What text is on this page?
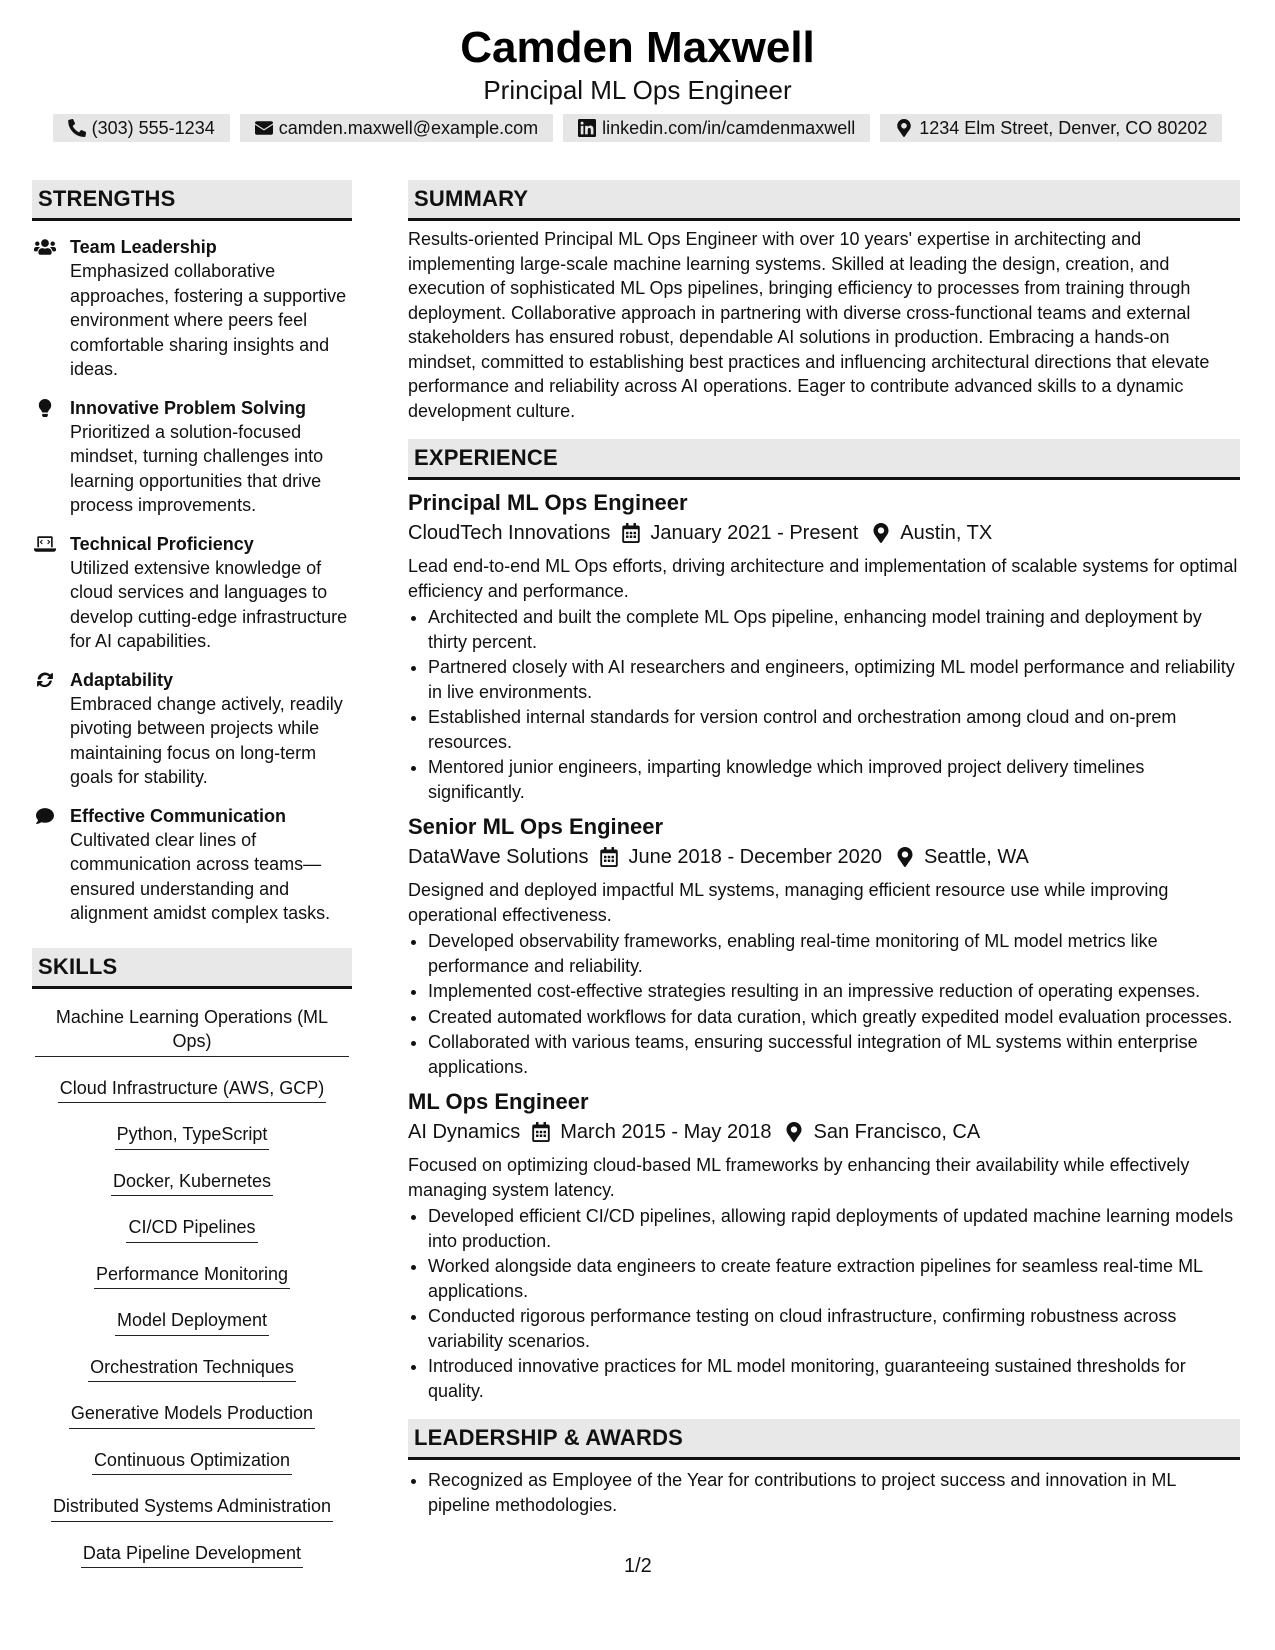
Camden Maxwell
Principal ML Ops Engineer
(303) 555-1234	camden.maxwell@example.com	linkedin.com/in/camdenmaxwell	1234 Elm Street, Denver, CO 80202
STRENGTHS
Team Leadership
Emphasized collaborative approaches, fostering a supportive environment where peers feel comfortable sharing insights and ideas.
Innovative Problem Solving
Prioritized a solution-focused mindset, turning challenges into learning opportunities that drive process improvements.
Technical Proficiency
Utilized extensive knowledge of cloud services and languages to develop cutting-edge infrastructure for AI capabilities.
Adaptability
Embraced change actively, readily pivoting between projects while maintaining focus on long-term goals for stability.
Effective Communication
Cultivated clear lines of communication across teams—ensured understanding and alignment amidst complex tasks.
SKILLS
Machine Learning Operations (ML Ops)
Cloud Infrastructure (AWS, GCP)
Python, TypeScript
Docker, Kubernetes
CI/CD Pipelines
Performance Monitoring
Model Deployment
Orchestration Techniques
Generative Models Production
Continuous Optimization
Distributed Systems Administration
Data Pipeline Development
SUMMARY
Results-oriented Principal ML Ops Engineer with over 10 years' expertise in architecting and implementing large-scale machine learning systems. Skilled at leading the design, creation, and execution of sophisticated ML Ops pipelines, bringing efficiency to processes from training through deployment. Collaborative approach in partnering with diverse cross-functional teams and external stakeholders has ensured robust, dependable AI solutions in production. Embracing a hands-on mindset, committed to establishing best practices and influencing architectural directions that elevate performance and reliability across AI operations. Eager to contribute advanced skills to a dynamic development culture.
EXPERIENCE
Principal ML Ops Engineer
CloudTech Innovations January 2021 - Present Austin, TX
Lead end-to-end ML Ops efforts, driving architecture and implementation of scalable systems for optimal efficiency and performance.
• Architected and built the complete ML Ops pipeline, enhancing model training and deployment by thirty percent.
• Partnered closely with AI researchers and engineers, optimizing ML model performance and reliability in live environments.
• Established internal standards for version control and orchestration among cloud and on-prem resources.
• Mentored junior engineers, imparting knowledge which improved project delivery timelines significantly.
Senior ML Ops Engineer
DataWave Solutions June 2018 - December 2020 Seattle, WA
Designed and deployed impactful ML systems, managing efficient resource use while improving operational effectiveness.
• Developed observability frameworks, enabling real-time monitoring of ML model metrics like performance and reliability.
• Implemented cost-effective strategies resulting in an impressive reduction of operating expenses.
• Created automated workflows for data curation, which greatly expedited model evaluation processes.
• Collaborated with various teams, ensuring successful integration of ML systems within enterprise applications.
ML Ops Engineer
AI Dynamics March 2015 - May 2018 San Francisco, CA
Focused on optimizing cloud-based ML frameworks by enhancing their availability while effectively managing system latency.
• Developed efficient CI/CD pipelines, allowing rapid deployments of updated machine learning models into production.
• Worked alongside data engineers to create feature extraction pipelines for seamless real-time ML applications.
• Conducted rigorous performance testing on cloud infrastructure, confirming robustness across variability scenarios.
• Introduced innovative practices for ML model monitoring, guaranteeing sustained thresholds for quality.
LEADERSHIP & AWARDS
• Recognized as Employee of the Year for contributions to project success and innovation in ML pipeline methodologies.
1/2
